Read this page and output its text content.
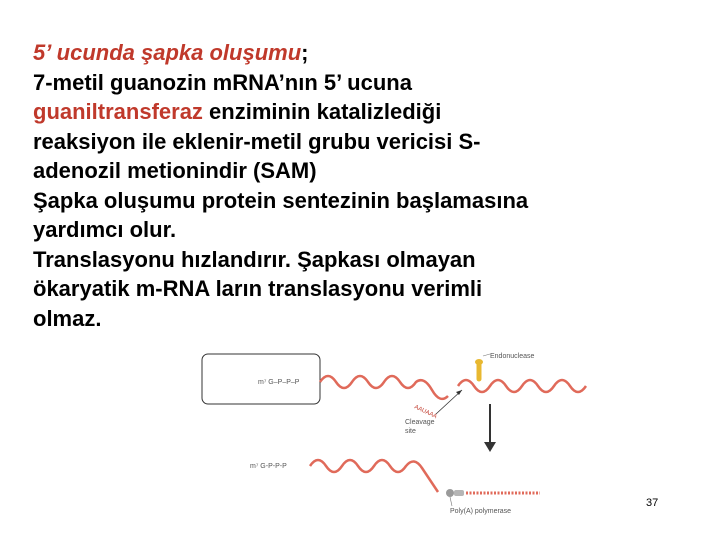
5’ ucunda şapka oluşumu;
7-metil guanozin mRNA’nın 5’ ucuna
guaniltransferaz enziminin katalizlediği
reaksiyon ile eklenir-metil grubu vericisi S-
adenozil metionindir (SAM)
Şapka oluşumu protein sentezinin başlamasına
yardımcı olur.
Translasyonu hızlandırır. Şapkası olmayan
ökaryatik m-RNA ların translasyonu verimli
olmaz.
m⁷ G–P–P–P
AAUAAA
Endonuclease
Cleavage
site
m⁷ G-P-P-P
Poly(A) polymerase
37
